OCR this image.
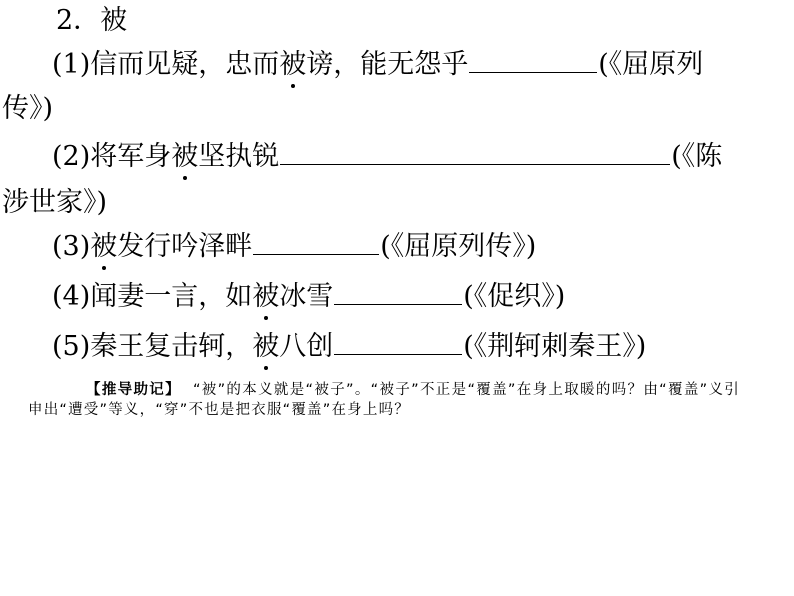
2．被
(1)信而见疑，忠而被谤，能无怨乎	(《屈原列
传》)
(2)将军身被坚执锐	(《陈
涉世家》)
(3)被发行吟泽畔	(《屈原列传》)
(4)闻妻一言，如被冰雪	(《促织》)
(5)秦王复击轲，被八创	(《荆轲刺秦王》)
【推导助记】 “被”的本义就是“被子”。“被子”不正是“覆盖”在身上取暖的吗？由“覆盖”义引申出“遭受”等义，“穿”不也是把衣服“覆盖”在身上吗？
